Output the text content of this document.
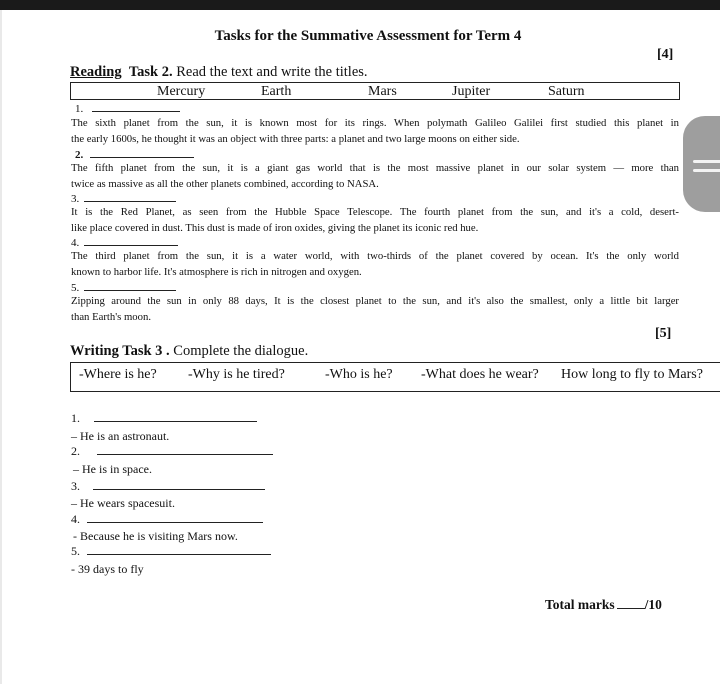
Tasks for the Summative Assessment for Term 4
[4]
Reading Task 2. Read the text and write the titles.
Mercury	Earth	Mars	Jupiter	Saturn
1.
The sixth planet from the sun, it is known most for its rings. When polymath Galileo Galilei first studied this planet in
the early 1600s, he thought it was an object with three parts: a planet and two large moons on either side.
2.
The fifth planet from the sun, it is a giant gas world that is the most massive planet in our solar system — more than
twice as massive as all the other planets combined, according to NASA.
3.
It is the Red Planet, as seen from the Hubble Space Telescope. The fourth planet from the sun, and it's a cold, desert-
like place covered in dust. This dust is made of iron oxides, giving the planet its iconic red hue.
4.
The third planet from the sun, it is a water world, with two-thirds of the planet covered by ocean. It's the only world
known to harbor life. It's atmosphere is rich in nitrogen and oxygen.
5.
Zipping around the sun in only 88 days, It is the closest planet to the sun, and it's also the smallest, only a little bit larger
than Earth's moon.
[5]
Writing Task 3 . Complete the dialogue.
-Where is he? -Why is he tired?	-Who is he? -What does he wear? How long to fly to Mars?
1.
– He is an astronaut.
2.
– He is in space.
3.
– He wears spacesuit.
4.
- Because he is visiting Mars now.
5.
- 39 days to fly
Total marks /10
